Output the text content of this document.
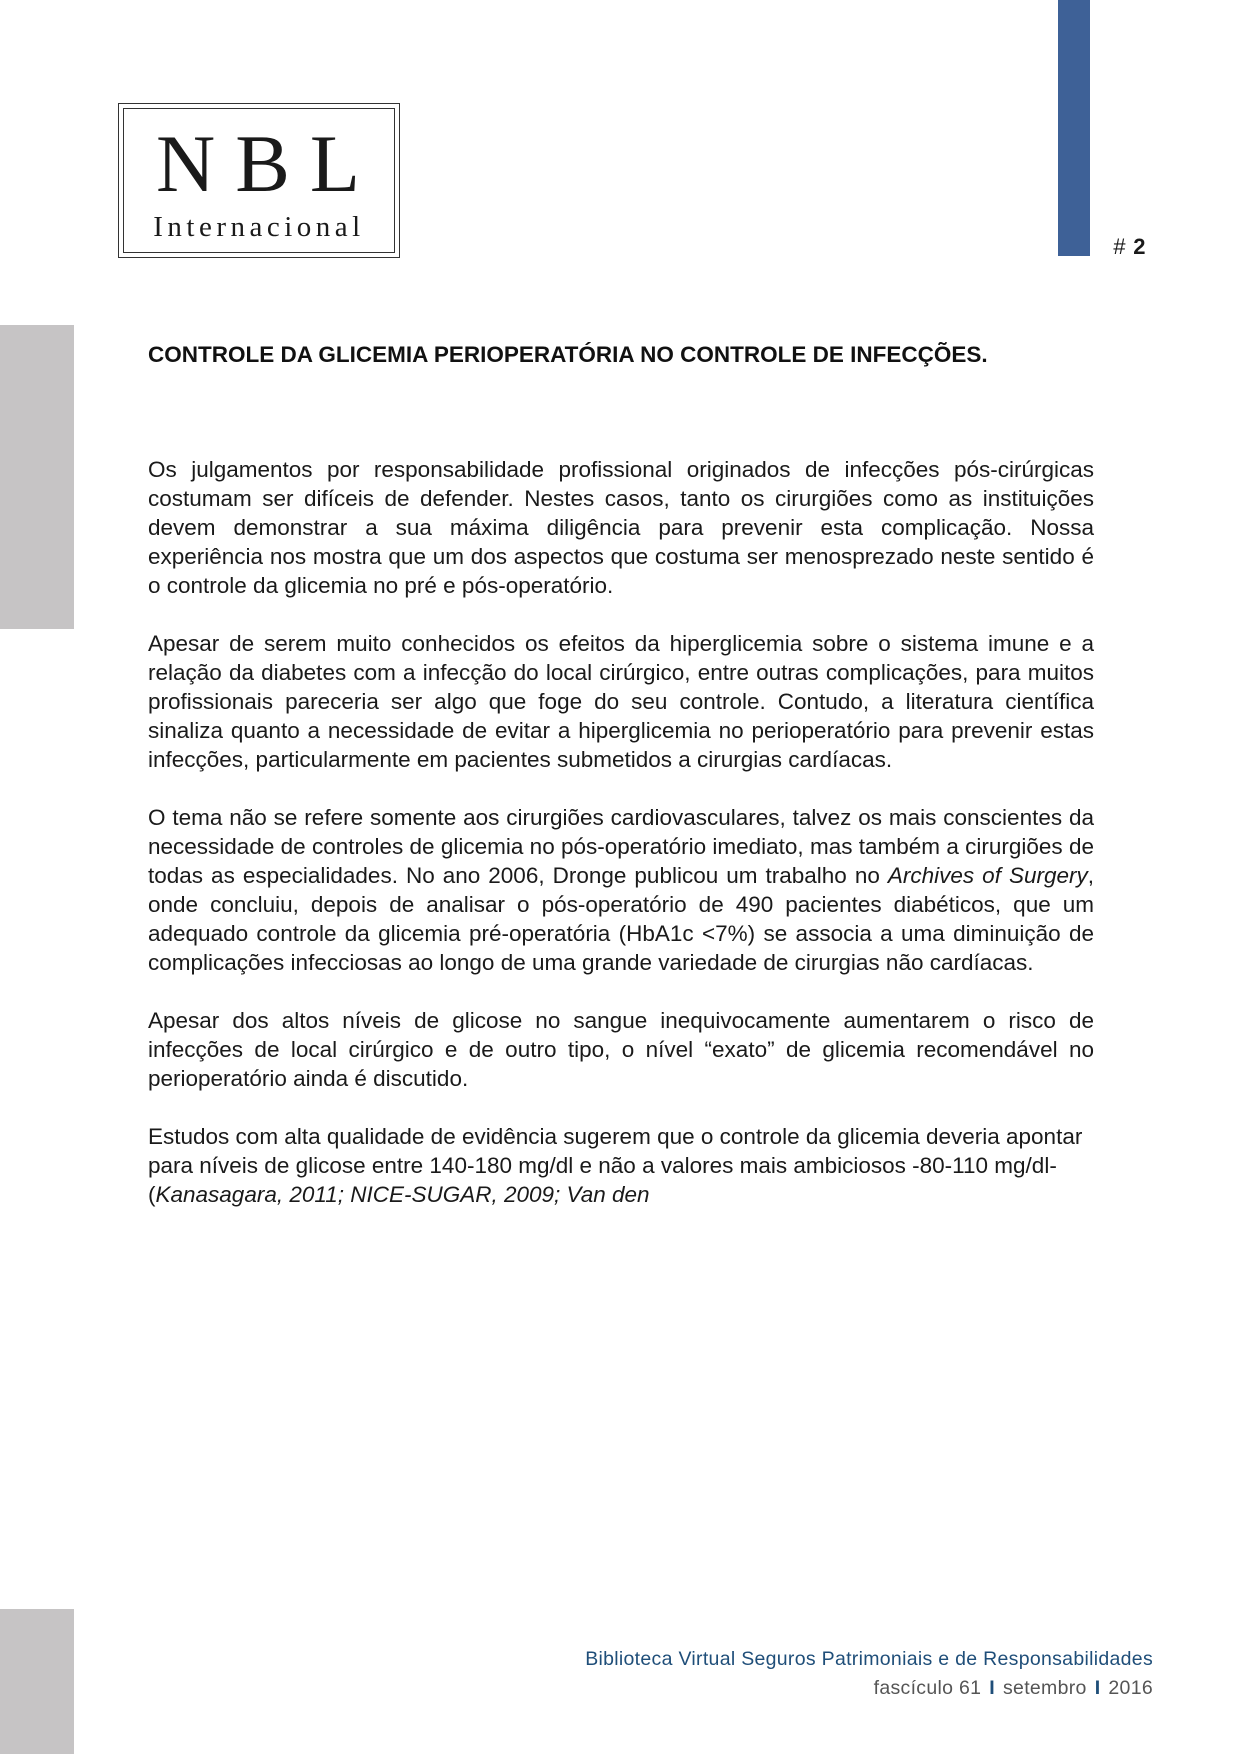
NBL
Internacional
# 2
CONTROLE DA GLICEMIA PERIOPERATÓRIA NO CONTROLE DE INFECÇÕES.

Os julgamentos por responsabilidade profissional originados de infecções pós-cirúrgicas costumam ser difíceis de defender. Nestes casos, tanto os cirurgiões como as instituições devem demonstrar a sua máxima diligência para prevenir esta complicação. Nossa experiência nos mostra que um dos aspectos que costuma ser menosprezado neste sentido é o controle da glicemia no pré e pós-operatório.

Apesar de serem muito conhecidos os efeitos da hiperglicemia sobre o sistema imune e a relação da diabetes com a infecção do local cirúrgico, entre outras complicações, para muitos profissionais pareceria ser algo que foge do seu controle. Contudo, a literatura científica sinaliza quanto a necessidade de evitar a hiperglicemia no perioperatório para prevenir estas infecções, particularmente em pacientes submetidos a cirurgias cardíacas.

O tema não se refere somente aos cirurgiões cardiovasculares, talvez os mais conscientes da necessidade de controles de glicemia no pós-operatório imediato, mas também a cirurgiões de todas as especialidades. No ano 2006, Dronge publicou um trabalho no Archives of Surgery, onde concluiu, depois de analisar o pós-operatório de 490 pacientes diabéticos, que um adequado controle da glicemia pré-operatória (HbA1c <7%) se associa a uma diminuição de complicações infecciosas ao longo de uma grande variedade de cirurgias não cardíacas.

Apesar dos altos níveis de glicose no sangue inequivocamente aumentarem o risco de infecções de local cirúrgico e de outro tipo, o nível “exato” de glicemia recomendável no perioperatório ainda é discutido.

Estudos com alta qualidade de evidência sugerem que o controle da glicemia deveria apontar para níveis de glicose entre 140-180 mg/dl e não a valores mais ambiciosos -80-110 mg/dl- (Kanasagara, 2011; NICE-SUGAR, 2009; Van den

Biblioteca Virtual Seguros Patrimoniais e de Responsabilidades
fascículo 61 I setembro I 2016
